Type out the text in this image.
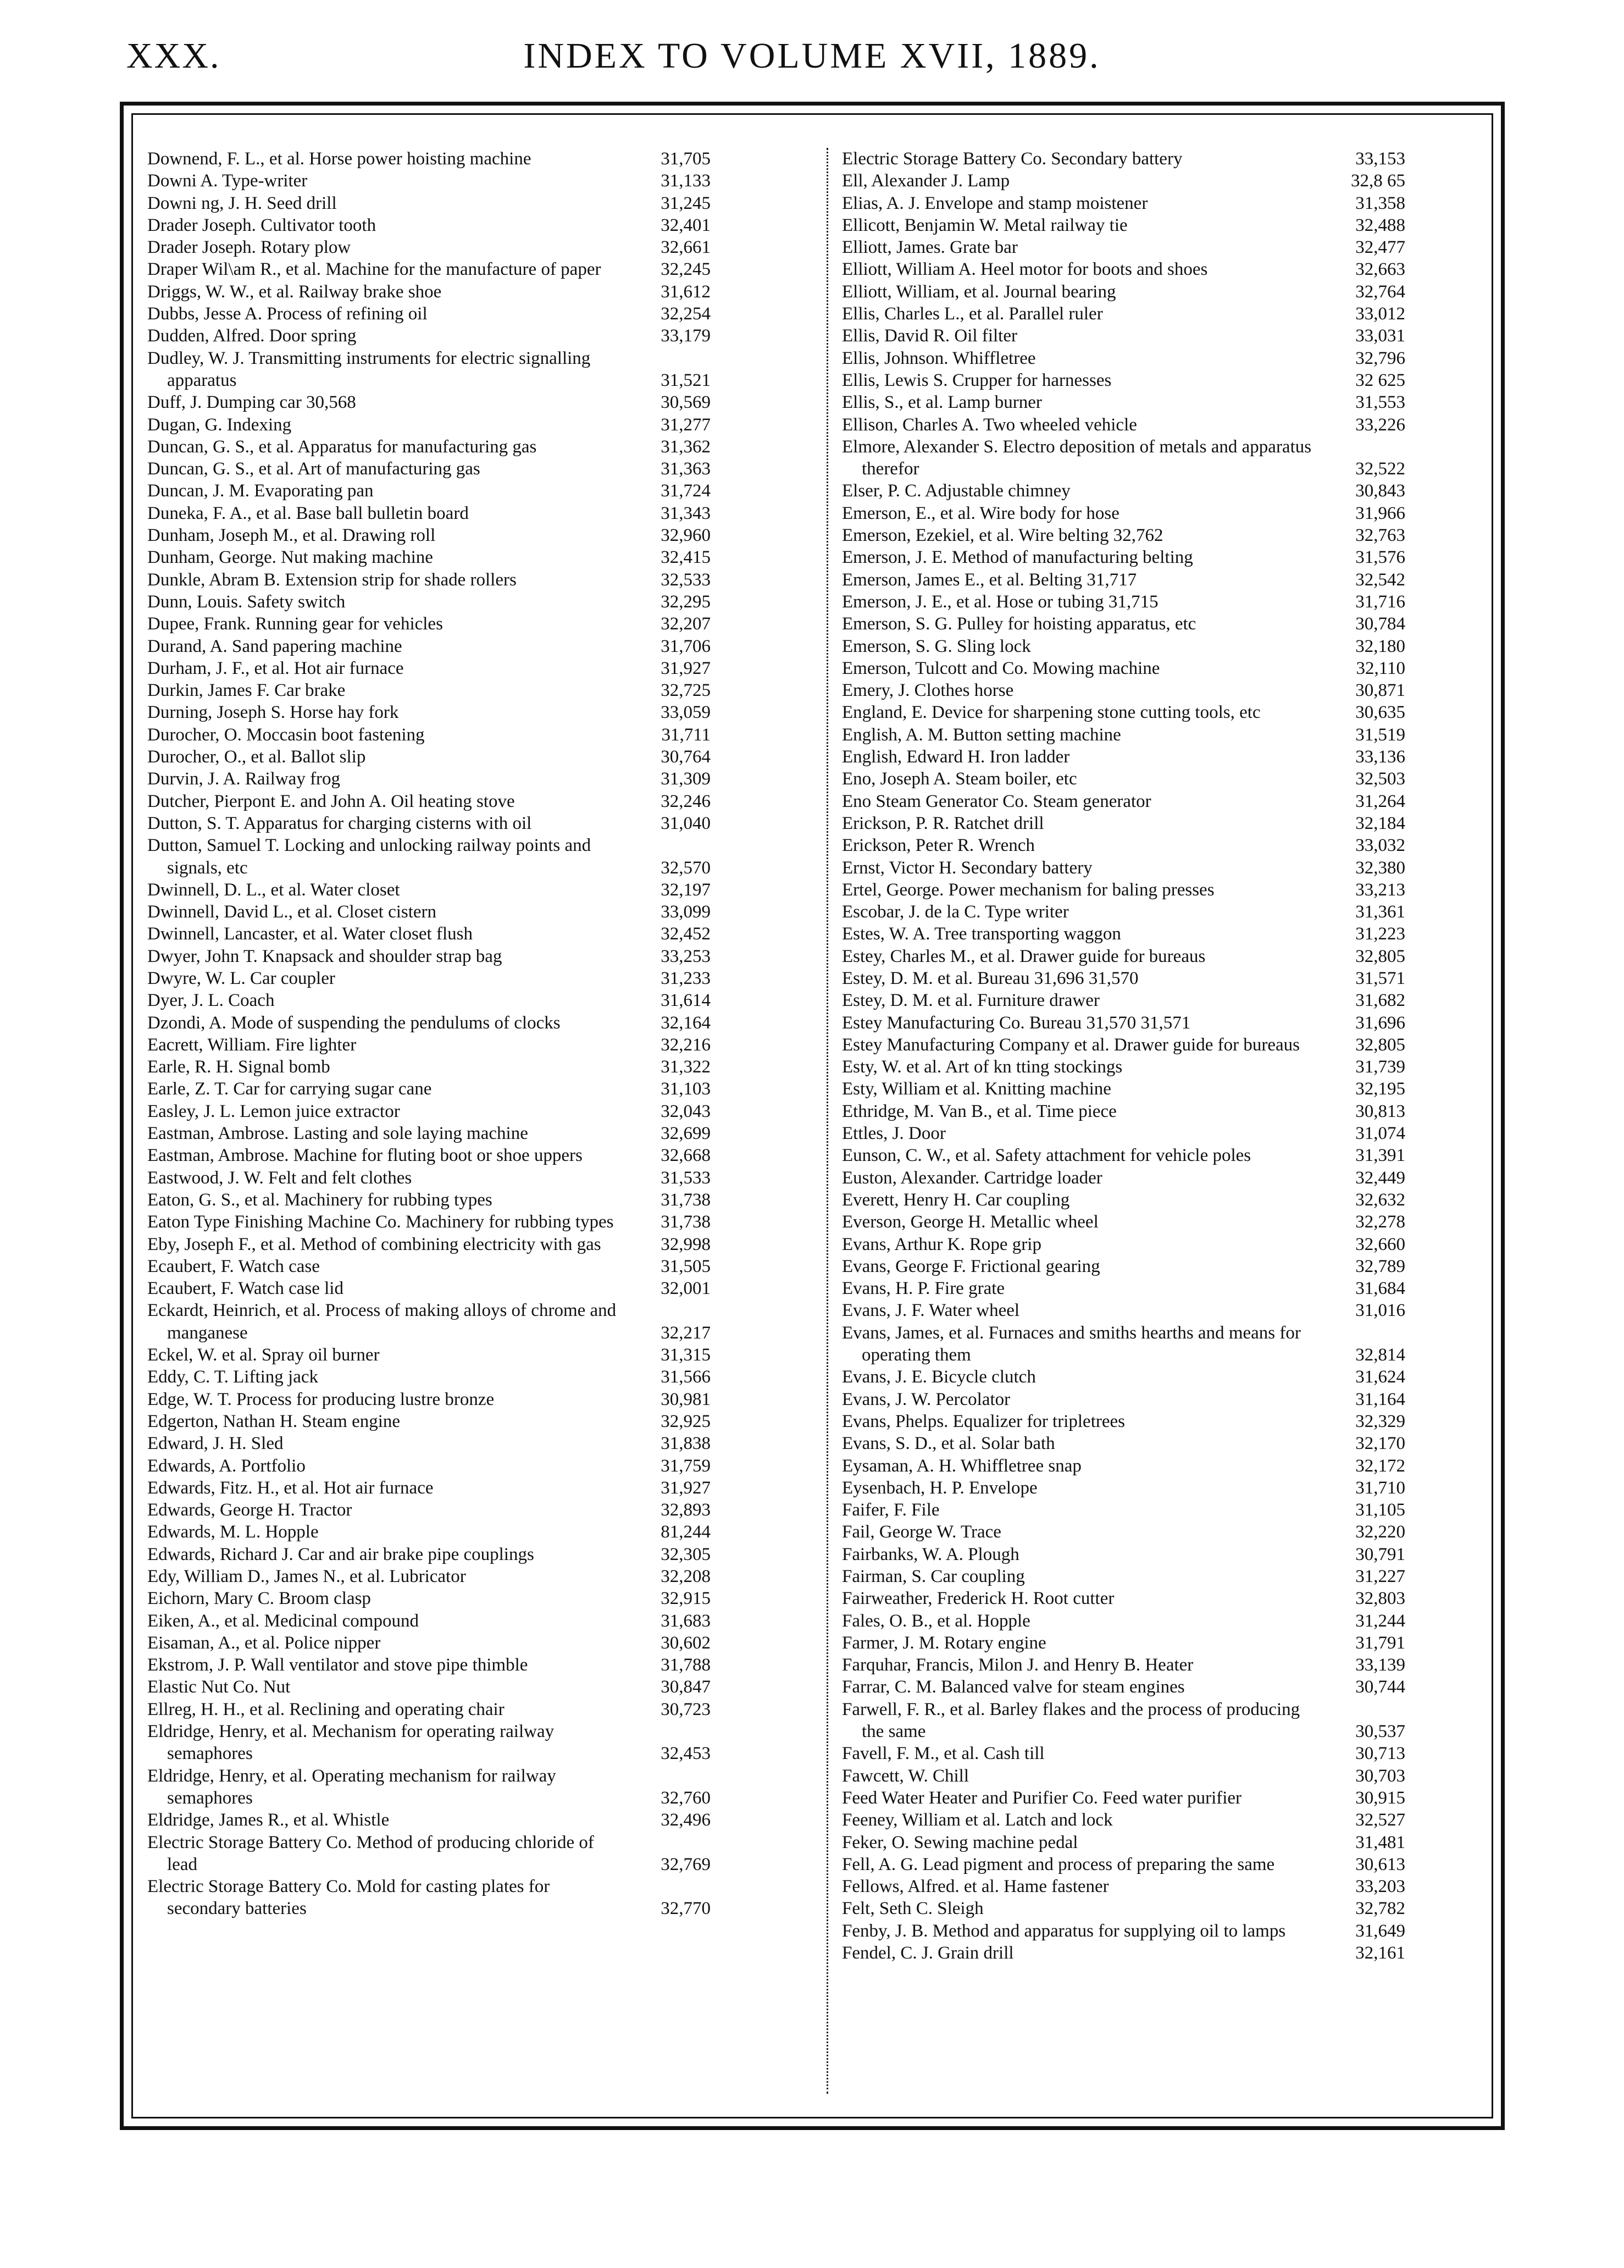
XXX.	INDEX TO VOLUME XVII, 1889.
Downend, F. L., et al. Horse power hoisting machine	31,705
Downi A. Type-writer	31,133
Downi ng, J. H. Seed drill	31,245
Drader Joseph. Cultivator tooth	32,401
Drader Joseph. Rotary plow	32,661
Draper Wil\am R., et al. Machine for the manufacture of paper	32,245
Driggs, W. W., et al. Railway brake shoe	31,612
Dubbs, Jesse A. Process of refining oil	32,254
Dudden, Alfred. Door spring	33,179
Dudley, W. J. Transmitting instruments for electric signalling apparatus	31,521
Duff, J. Dumping car 30,568	30,569
Dugan, G. Indexing	31,277
Duncan, G. S., et al. Apparatus for manufacturing gas	31,362
Duncan, G. S., et al. Art of manufacturing gas	31,363
Duncan, J. M. Evaporating pan	31,724
Duneka, F. A., et al. Base ball bulletin board	31,343
Dunham, Joseph M., et al. Drawing roll	32,960
Dunham, George. Nut making machine	32,415
Dunkle, Abram B. Extension strip for shade rollers	32,533
Dunn, Louis. Safety switch	32,295
Dupee, Frank. Running gear for vehicles	32,207
Durand, A. Sand papering machine	31,706
Durham, J. F., et al. Hot air furnace	31,927
Durkin, James F. Car brake	32,725
Durning, Joseph S. Horse hay fork	33,059
Durocher, O. Moccasin boot fastening	31,711
Durocher, O., et al. Ballot slip	30,764
Durvin, J. A. Railway frog	31,309
Dutcher, Pierpont E. and John A. Oil heating stove	32,246
Dutton, S. T. Apparatus for charging cisterns with oil	31,040
Dutton, Samuel T. Locking and unlocking railway points and signals, etc	32,570
Dwinnell, D. L., et al. Water closet	32,197
Dwinnell, David L., et al. Closet cistern	33,099
Dwinnell, Lancaster, et al. Water closet flush	32,452
Dwyer, John T. Knapsack and shoulder strap bag	33,253
Dwyre, W. L. Car coupler	31,233
Dyer, J. L. Coach	31,614
Dzondi, A. Mode of suspending the pendulums of clocks	32,164
Eacrett, William. Fire lighter	32,216
Earle, R. H. Signal bomb	31,322
Earle, Z. T. Car for carrying sugar cane	31,103
Easley, J. L. Lemon juice extractor	32,043
Eastman, Ambrose. Lasting and sole laying machine	32,699
Eastman, Ambrose. Machine for fluting boot or shoe uppers	32,668
Eastwood, J. W. Felt and felt clothes	31,533
Eaton, G. S., et al. Machinery for rubbing types	31,738
Eaton Type Finishing Machine Co. Machinery for rubbing types	31,738
Eby, Joseph F., et al. Method of combining electricity with gas	32,998
Ecaubert, F. Watch case	31,505
Ecaubert, F. Watch case lid	32,001
Eckardt, Heinrich, et al. Process of making alloys of chrome and manganese	32,217
Eckel, W. et al. Spray oil burner	31,315
Eddy, C. T. Lifting jack	31,566
Edge, W. T. Process for producing lustre bronze	30,981
Edgerton, Nathan H. Steam engine	32,925
Edward, J. H. Sled	31,838
Edwards, A. Portfolio	31,759
Edwards, Fitz. H., et al. Hot air furnace	31,927
Edwards, George H. Tractor	32,893
Edwards, M. L. Hopple	81,244
Edwards, Richard J. Car and air brake pipe couplings	32,305
Edy, William D., James N., et al. Lubricator	32,208
Eichorn, Mary C. Broom clasp	32,915
Eiken, A., et al. Medicinal compound	31,683
Eisaman, A., et al. Police nipper	30,602
Ekstrom, J. P. Wall ventilator and stove pipe thimble	31,788
Elastic Nut Co. Nut	30,847
Ellreg, H. H., et al. Reclining and operating chair	30,723
Eldridge, Henry, et al. Mechanism for operating railway semaphores	32,453
Eldridge, Henry, et al. Operating mechanism for railway semaphores	32,760
Eldridge, James R., et al. Whistle	32,496
Electric Storage Battery Co. Method of producing chloride of lead	32,769
Electric Storage Battery Co. Mold for casting plates for secondary batteries	32,770
Electric Storage Battery Co. Secondary battery	33,153
Ell, Alexander J. Lamp	32,8 65
Elias, A. J. Envelope and stamp moistener	31,358
Ellicott, Benjamin W. Metal railway tie	32,488
Elliott, James. Grate bar	32,477
Elliott, William A. Heel motor for boots and shoes	32,663
Elliott, William, et al. Journal bearing	32,764
Ellis, Charles L., et al. Parallel ruler	33,012
Ellis, David R. Oil filter	33,031
Ellis, Johnson. Whiffletree	32,796
Ellis, Lewis S. Crupper for harnesses	32 625
Ellis, S., et al. Lamp burner	31,553
Ellison, Charles A. Two wheeled vehicle	33,226
Elmore, Alexander S. Electro deposition of metals and apparatus therefor	32,522
Elser, P. C. Adjustable chimney	30,843
Emerson, E., et al. Wire body for hose	31,966
Emerson, Ezekiel, et al. Wire belting 32,762	32,763
Emerson, J. E. Method of manufacturing belting	31,576
Emerson, James E., et al. Belting 31,717	32,542
Emerson, J. E., et al. Hose or tubing 31,715	31,716
Emerson, S. G. Pulley for hoisting apparatus, etc	30,784
Emerson, S. G. Sling lock	32,180
Emerson, Tulcott and Co. Mowing machine	32,110
Emery, J. Clothes horse	30,871
England, E. Device for sharpening stone cutting tools, etc	30,635
English, A. M. Button setting machine	31,519
English, Edward H. Iron ladder	33,136
Eno, Joseph A. Steam boiler, etc	32,503
Eno Steam Generator Co. Steam generator	31,264
Erickson, P. R. Ratchet drill	32,184
Erickson, Peter R. Wrench	33,032
Ernst, Victor H. Secondary battery	32,380
Ertel, George. Power mechanism for baling presses	33,213
Escobar, J. de la C. Type writer	31,361
Estes, W. A. Tree transporting waggon	31,223
Estey, Charles M., et al. Drawer guide for bureaus	32,805
Estey, D. M. et al. Bureau 31,696 31,570	31,571
Estey, D. M. et al. Furniture drawer	31,682
Estey Manufacturing Co. Bureau 31,570 31,571	31,696
Estey Manufacturing Company et al. Drawer guide for bureaus	32,805
Esty, W. et al. Art of kn tting stockings	31,739
Esty, William et al. Knitting machine	32,195
Ethridge, M. Van B., et al. Time piece	30,813
Ettles, J. Door	31,074
Eunson, C. W., et al. Safety attachment for vehicle poles	31,391
Euston, Alexander. Cartridge loader	32,449
Everett, Henry H. Car coupling	32,632
Everson, George H. Metallic wheel	32,278
Evans, Arthur K. Rope grip	32,660
Evans, George F. Frictional gearing	32,789
Evans, H. P. Fire grate	31,684
Evans, J. F. Water wheel	31,016
Evans, James, et al. Furnaces and smiths hearths and means for operating them	32,814
Evans, J. E. Bicycle clutch	31,624
Evans, J. W. Percolator	31,164
Evans, Phelps. Equalizer for tripletrees	32,329
Evans, S. D., et al. Solar bath	32,170
Eysaman, A. H. Whiffletree snap	32,172
Eysenbach, H. P. Envelope	31,710
Faifer, F. File	31,105
Fail, George W. Trace	32,220
Fairbanks, W. A. Plough	30,791
Fairman, S. Car coupling	31,227
Fairweather, Frederick H. Root cutter	32,803
Fales, O. B., et al. Hopple	31,244
Farmer, J. M. Rotary engine	31,791
Farquhar, Francis, Milon J. and Henry B. Heater	33,139
Farrar, C. M. Balanced valve for steam engines	30,744
Farwell, F. R., et al. Barley flakes and the process of producing the same	30,537
Favell, F. M., et al. Cash till	30,713
Fawcett, W. Chill	30,703
Feed Water Heater and Purifier Co. Feed water purifier	30,915
Feeney, William et al. Latch and lock	32,527
Feker, O. Sewing machine pedal	31,481
Fell, A. G. Lead pigment and process of preparing the same	30,613
Fellows, Alfred. et al. Hame fastener	33,203
Felt, Seth C. Sleigh	32,782
Fenby, J. B. Method and apparatus for supplying oil to lamps	31,649
Fendel, C. J. Grain drill	32,161
